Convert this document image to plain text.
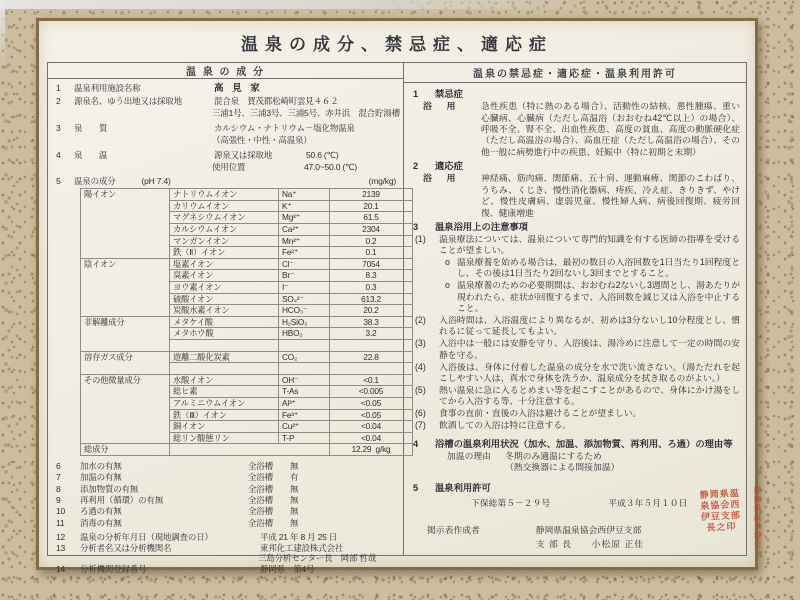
温泉の成分、禁忌症、適応症
温 泉 の 成 分
1	温泉利用施設名称	高 見 家
2	源泉名、ゆう出地又は採取地	混合泉　賀茂郡松崎町雲見４６２
三浦1号、三浦3号、三浦5号、赤井浜　混合貯湯槽
3	泉　　質	カルシウム・ナトリウム－塩化物温泉
（高張性・中性・高温泉）
4	泉　　温	源泉又は採取地	50.6 (℃)
使用位置	47.0~50.0 (℃)
5	温泉の成分	(pH 7.4)	(mg/kg)
陽イオン	ナトリウムイオン	Na⁺	2139
	カリウムイオン	K⁺	20.1
	マグネシウムイオン	Mg²⁺	61.5
	カルシウムイオン	Ca²⁺	2304
	マンガンイオン	Mn²⁺	0.2
	鉄（Ⅱ）イオン	Fe²⁺	0.1
陰イオン	塩素イオン	Cl⁻	7054
	臭素イオン	Br⁻	8.3
	ヨウ素イオン	I⁻	0.3
	硫酸イオン	SO₄²⁻	613.2
	炭酸水素イオン	HCO₃⁻	20.2
非解離成分	メタケイ酸	H₂SiO₃	38.3
	メタホウ酸	HBO₂	3.2

溶存ガス成分	遊離二酸化炭素	CO₂	22.8

その他微量成分	水酸イオン	OH⁻	<0.1
	総ヒ素	T-As	<0.005
	アルミニウムイオン	Al³⁺	<0.05
	鉄（Ⅲ）イオン	Fe³⁺	<0.05
	銅イオン	Cu²⁺	<0.04
	総リン酸態リン	T-P	<0.04
総成分			12.29 g/kg
6	加水の有無	全浴槽	無
7	加温の有無	全浴槽	有
8	添加物質の有無	全浴槽	無
9	再利用（循環）の有無	全浴槽	無
10	ろ過の有無	全浴槽	無
11	消毒の有無	全浴槽	無
12	温泉の分析年月日（現地調査の日）	平成 21 年 8 月 25 日
13	分析者名又は分析機関名	東邦化工建設株式会社
三島分析センター長　岡部 哲哉
14	分析機関登録番号	静岡県　第4号
温泉の禁忌症・適応症・温泉利用許可
1	禁忌症
浴　用	急性疾患（特に熱のある場合）、活動性の結核、悪性腫瘍、重い心臓病、心臓病（ただし高温浴（おおむね42℃以上）の場合）、呼吸不全、腎不全、出血性疾患、高度の貧血、高度の動脈硬化症（ただし高温浴の場合）、高血圧症（ただし高温浴の場合）、その他一般に病勢進行中の疾患、妊娠中（特に初期と末期）
2	適応症
浴　用	神経痛、筋肉痛、関節痛、五十肩、運動麻痺、関節のこわばり、うちみ、くじき、慢性消化器病、痔疾、冷え症、きりきず、やけど、慢性皮膚病、虚弱児童、慢性婦人病、病後回復期、疲労回復、健康増進
3	温泉浴用上の注意事項
(1)	温泉療法については、温泉について専門的知識を有する医師の指導を受けることが望ましい。
o 温泉療養を始める場合は、最初の数日の入浴回数を1日当たり1回程度とし、その後は1日当たり2回ないし3回までとすること。
o 温泉療養のための必要期間は、おおむね2ないし3週間とし、湯あたりが現われたら、症状が回復するまで、入浴回数を減じ又は入浴を中止すること。
(2)	入浴時間は、入浴温度により異なるが、初めは3分ないし10分程度とし、慣れるに従って延長してもよい。
(3)	入浴中は一般には安静を守り、入浴後は、湯冷めに注意して一定の時間の安静を守る。
(4)	入浴後は、身体に付着した温泉の成分を水で洗い流さない。（湯ただれを起こしやすい人は、真水で身体を洗うか、温泉成分を拭き取るのがよい。）
(5)	熱い温泉に急に入るとめまい等を起こすことがあるので、身体にかけ湯をしてから入浴する等、十分注意する。
(6)	食事の直前・直後の入浴は避けることが望ましい。
(7)	飲酒しての入浴は特に注意する。
4	浴槽の温泉利用状況（加水、加温、添加物質、再利用、ろ過）の理由等
加温の理由	冬期のみ適温にするため
（熱交換器による間接加温）
5	温泉利用許可
下保総第５－２９号	平成３年５月１０日
掲示表作成者	静岡県温泉協会西伊豆支部
支 部 長　　小松原 正佳
静岡県温
泉協会西
伊豆支部
長之印	静岡県温泉協会
